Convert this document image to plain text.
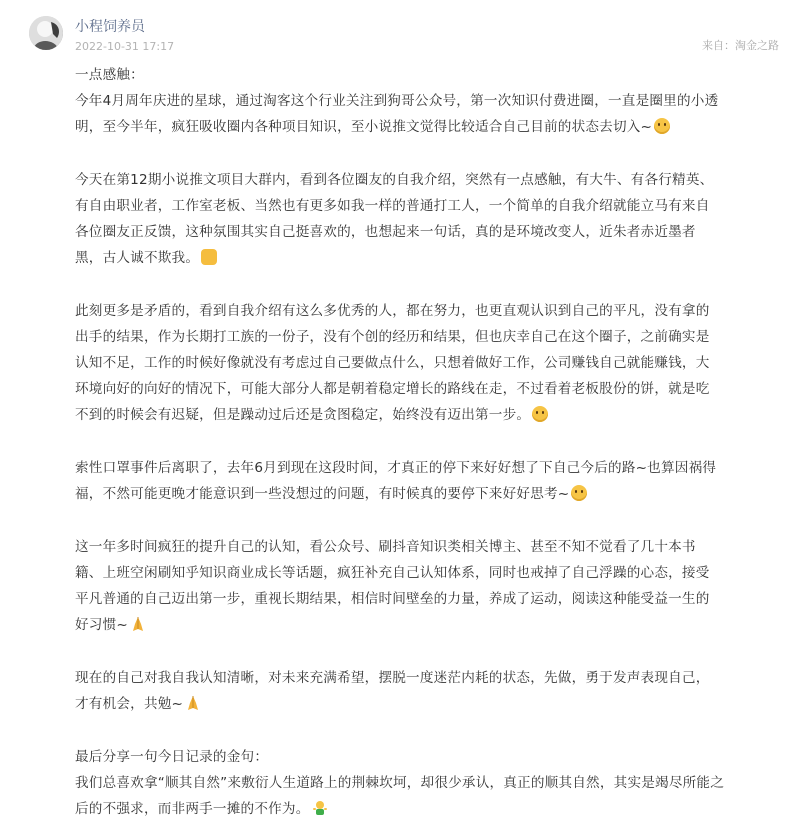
小程饲养员
2022-10-31 17:17	来自：淘金之路
一点感触：
今年4月周年庆进的星球，通过淘客这个行业关注到狗哥公众号，第一次知识付费进圈，一直是圈里的小透
明，至今半年，疯狂吸收圈内各种项目知识，至小说推文觉得比较适合自己目前的状态去切入~
今天在第12期小说推文项目大群内，看到各位圈友的自我介绍，突然有一点感触，有大牛、有各行精英、
有自由职业者，工作室老板、当然也有更多如我一样的普通打工人，一个简单的自我介绍就能立马有来自
各位圈友正反馈，这种氛围其实自己挺喜欢的，也想起来一句话，真的是环境改变人，近朱者赤近墨者
黑，古人诚不欺我。
此刻更多是矛盾的，看到自我介绍有这么多优秀的人，都在努力，也更直观认识到自己的平凡，没有拿的
出手的结果，作为长期打工族的一份子，没有个创的经历和结果，但也庆幸自己在这个圈子，之前确实是
认知不足，工作的时候好像就没有考虑过自己要做点什么，只想着做好工作，公司赚钱自己就能赚钱，大
环境向好的向好的情况下，可能大部分人都是朝着稳定增长的路线在走，不过看着老板股份的饼，就是吃
不到的时候会有迟疑，但是躁动过后还是贪图稳定，始终没有迈出第一步。
索性口罩事件后离职了，去年6月到现在这段时间，才真正的停下来好好想了下自己今后的路~也算因祸得
福，不然可能更晚才能意识到一些没想过的问题，有时候真的要停下来好好思考~
这一年多时间疯狂的提升自己的认知，看公众号、刷抖音知识类相关博主、甚至不知不觉看了几十本书
籍、上班空闲刷知乎知识商业成长等话题，疯狂补充自己认知体系，同时也戒掉了自己浮躁的心态，接受
平凡普通的自己迈出第一步，重视长期结果，相信时间壁垒的力量，养成了运动，阅读这种能受益一生的
好习惯~
现在的自己对我自我认知清晰，对未来充满希望，摆脱一度迷茫内耗的状态，先做，勇于发声表现自己，
才有机会，共勉~
最后分享一句今日记录的金句：
我们总喜欢拿“顺其自然”来敷衍人生道路上的荆棘坎坷，却很少承认，真正的顺其自然，其实是竭尽所能之
后的不强求，而非两手一摊的不作为。
